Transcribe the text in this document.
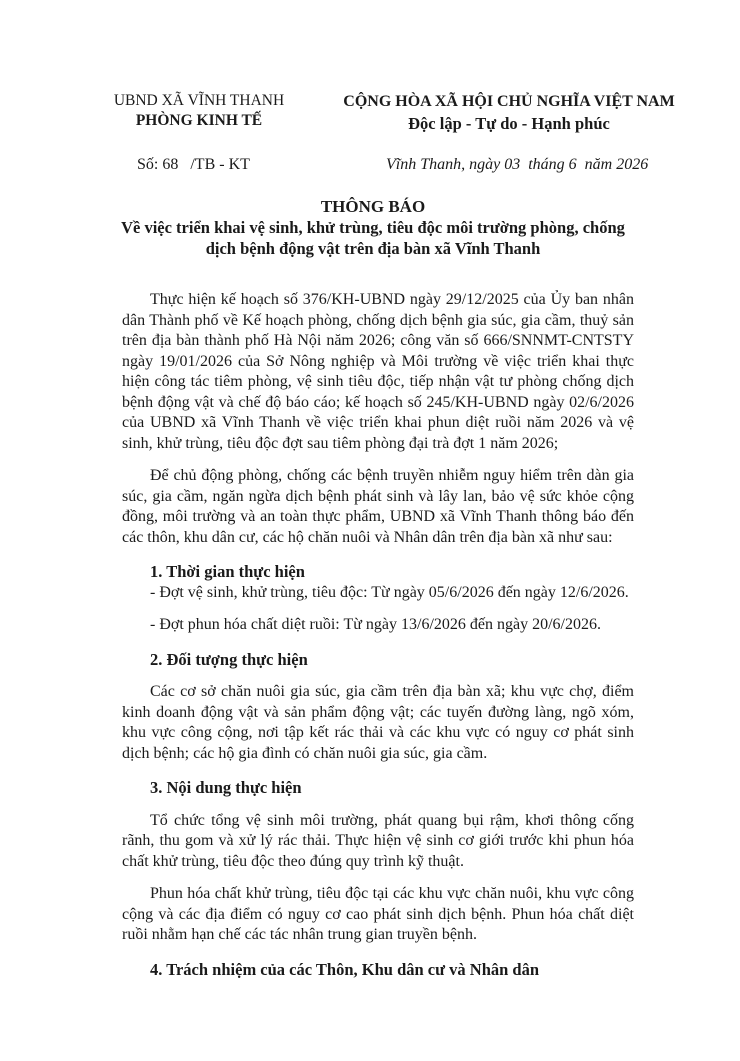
UBND XÃ VĨNH THANH
PHÒNG KINH TẾ
CỘNG HÒA XÃ HỘI CHỦ NGHĨA VIỆT NAM
Độc lập - Tự do - Hạnh phúc
Số: 68   /TB - KT	Vĩnh Thanh, ngày 03  tháng 6  năm 2026
THÔNG BÁO
Về việc triển khai vệ sinh, khử trùng, tiêu độc môi trường phòng, chống
dịch bệnh động vật trên địa bàn xã Vĩnh Thanh

Thực hiện kế hoạch số 376/KH-UBND ngày 29/12/2025 của Ủy ban nhân dân Thành phố về Kế hoạch phòng, chống dịch bệnh gia súc, gia cầm, thuỷ sản trên địa bàn thành phố Hà Nội năm 2026; công văn số 666/SNNMT-CNTSTY ngày 19/01/2026 của Sở Nông nghiệp và Môi trường về việc triển khai thực hiện công tác tiêm phòng, vệ sinh tiêu độc, tiếp nhận vật tư phòng chống dịch bệnh động vật và chế độ báo cáo; kế hoạch số 245/KH-UBND ngày 02/6/2026 của UBND xã Vĩnh Thanh về việc triển khai phun diệt ruồi năm 2026 và vệ sinh, khử trùng, tiêu độc đợt sau tiêm phòng đại trà đợt 1 năm 2026;

Để chủ động phòng, chống các bệnh truyền nhiễm nguy hiểm trên dàn gia súc, gia cầm, ngăn ngừa dịch bệnh phát sinh và lây lan, bảo vệ sức khỏe cộng đồng, môi trường và an toàn thực phẩm, UBND xã Vĩnh Thanh thông báo đến các thôn, khu dân cư, các hộ chăn nuôi và Nhân dân trên địa bàn xã như sau:

1. Thời gian thực hiện

- Đợt vệ sinh, khử trùng, tiêu độc: Từ ngày 05/6/2026 đến ngày 12/6/2026.

- Đợt phun hóa chất diệt ruồi: Từ ngày 13/6/2026 đến ngày 20/6/2026.

2. Đối tượng thực hiện

Các cơ sở chăn nuôi gia súc, gia cầm trên địa bàn xã; khu vực chợ, điểm kinh doanh động vật và sản phẩm động vật; các tuyến đường làng, ngõ xóm, khu vực công cộng, nơi tập kết rác thải và các khu vực có nguy cơ phát sinh dịch bệnh; các hộ gia đình có chăn nuôi gia súc, gia cầm.

3. Nội dung thực hiện

Tổ chức tổng vệ sinh môi trường, phát quang bụi rậm, khơi thông cống rãnh, thu gom và xử lý rác thải. Thực hiện vệ sinh cơ giới trước khi phun hóa chất khử trùng, tiêu độc theo đúng quy trình kỹ thuật.

Phun hóa chất khử trùng, tiêu độc tại các khu vực chăn nuôi, khu vực công cộng và các địa điểm có nguy cơ cao phát sinh dịch bệnh. Phun hóa chất diệt ruồi nhằm hạn chế các tác nhân trung gian truyền bệnh.

4. Trách nhiệm của các Thôn, Khu dân cư và Nhân dân
